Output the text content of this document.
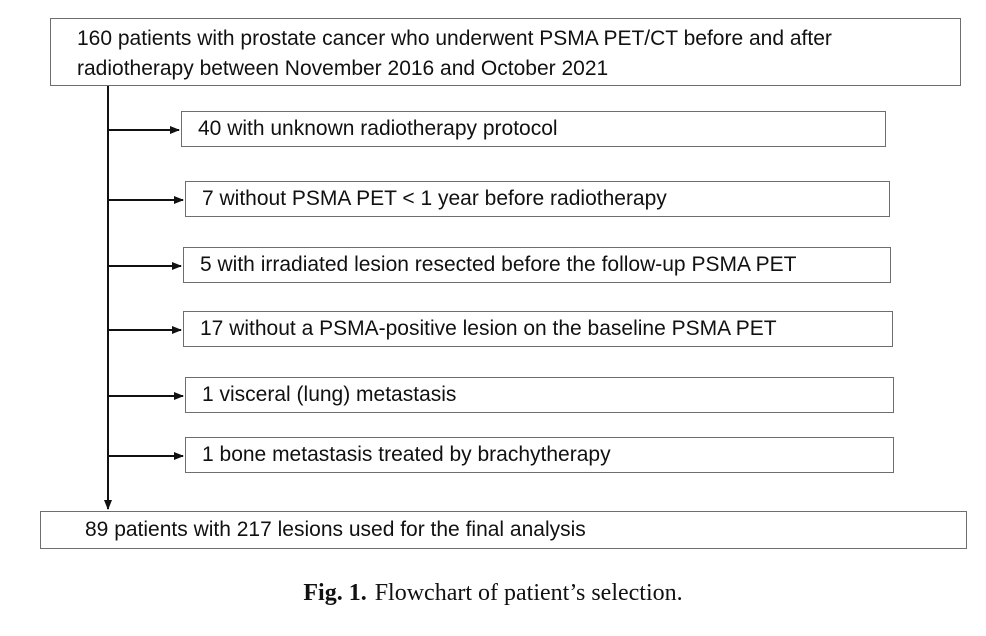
160 patients with prostate cancer who underwent PSMA PET/CT before and after
radiotherapy between November 2016 and October 2021
40 with unknown radiotherapy protocol
7 without PSMA PET < 1 year before radiotherapy
5 with irradiated lesion resected before the follow-up PSMA PET
17 without a PSMA-positive lesion on the baseline PSMA PET
1 visceral (lung) metastasis
1 bone metastasis treated by brachytherapy
89 patients with 217 lesions used for the final analysis
Fig. 1. Flowchart of patient’s selection.
